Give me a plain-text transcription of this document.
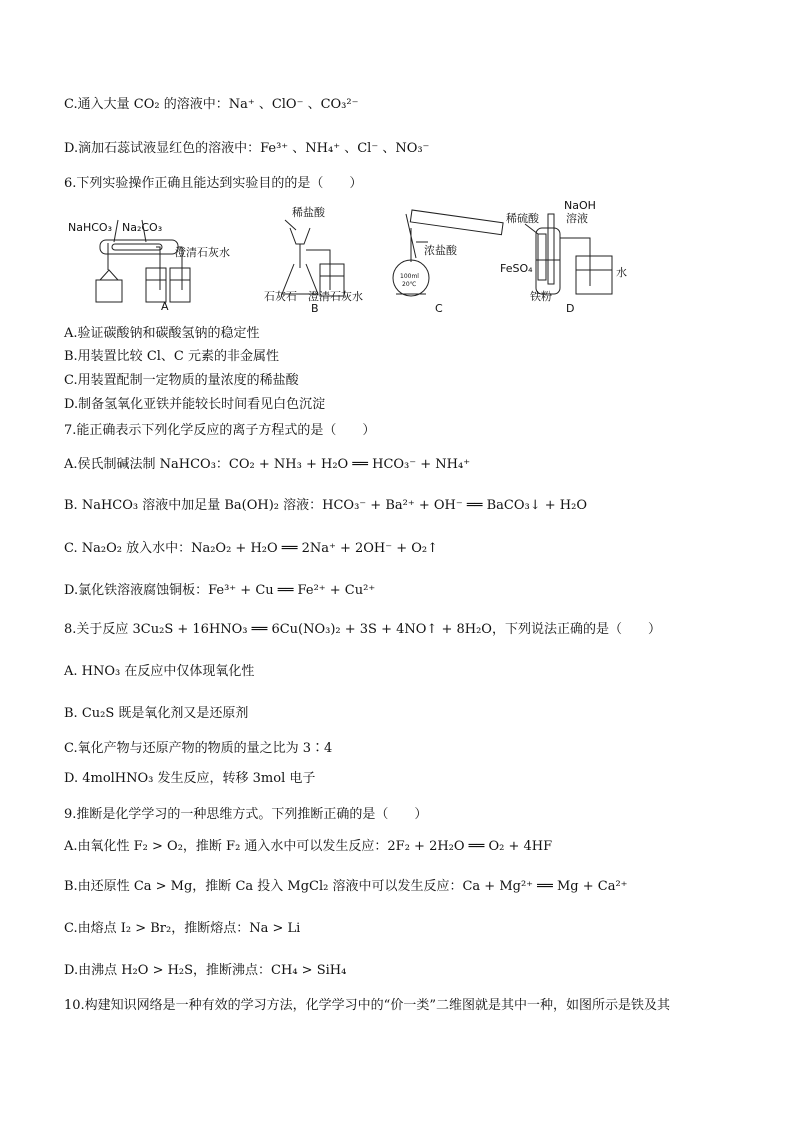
C.通入大量 CO₂ 的溶液中：Na⁺ 、ClO⁻ 、CO₃²⁻
D.滴加石蕊试液显红色的溶液中：Fe³⁺ 、NH₄⁺ 、Cl⁻ 、NO₃⁻
6.下列实验操作正确且能达到实验目的的是（　　）
NaHCO₃ Na₂CO₃
澄清石灰水
A
稀盐酸
石灰石 澄清石灰水
B
浓盐酸
100ml
20℃
C
稀硫酸
NaOH
溶液
FeSO₄
铁粉
水
D
A.验证碳酸钠和碳酸氢钠的稳定性
B.用装置比较 Cl、C 元素的非金属性
C.用装置配制一定物质的量浓度的稀盐酸
D.制备氢氧化亚铁并能较长时间看见白色沉淀
7.能正确表示下列化学反应的离子方程式的是（　　）
A.侯氏制碱法制 NaHCO₃：CO₂ + NH₃ + H₂O ══ HCO₃⁻ + NH₄⁺
B. NaHCO₃ 溶液中加足量 Ba(OH)₂ 溶液：HCO₃⁻ + Ba²⁺ + OH⁻ ══ BaCO₃↓ + H₂O
C. Na₂O₂ 放入水中：Na₂O₂ + H₂O ══ 2Na⁺ + 2OH⁻ + O₂↑
D.氯化铁溶液腐蚀铜板：Fe³⁺ + Cu ══ Fe²⁺ + Cu²⁺
8.关于反应 3Cu₂S + 16HNO₃ ══ 6Cu(NO₃)₂ + 3S + 4NO↑ + 8H₂O，下列说法正确的是（　　）
A. HNO₃ 在反应中仅体现氧化性
B. Cu₂S 既是氧化剂又是还原剂
C.氧化产物与还原产物的物质的量之比为 3∶4
D. 4molHNO₃ 发生反应，转移 3mol 电子
9.推断是化学学习的一种思维方式。下列推断正确的是（　　）
A.由氧化性 F₂ > O₂，推断 F₂ 通入水中可以发生反应：2F₂ + 2H₂O ══ O₂ + 4HF
B.由还原性 Ca > Mg，推断 Ca 投入 MgCl₂ 溶液中可以发生反应：Ca + Mg²⁺ ══ Mg + Ca²⁺
C.由熔点 I₂ > Br₂，推断熔点：Na > Li
D.由沸点 H₂O > H₂S，推断沸点：CH₄ > SiH₄
10.构建知识网络是一种有效的学习方法，化学学习中的“价一类”二维图就是其中一种，如图所示是铁及其
